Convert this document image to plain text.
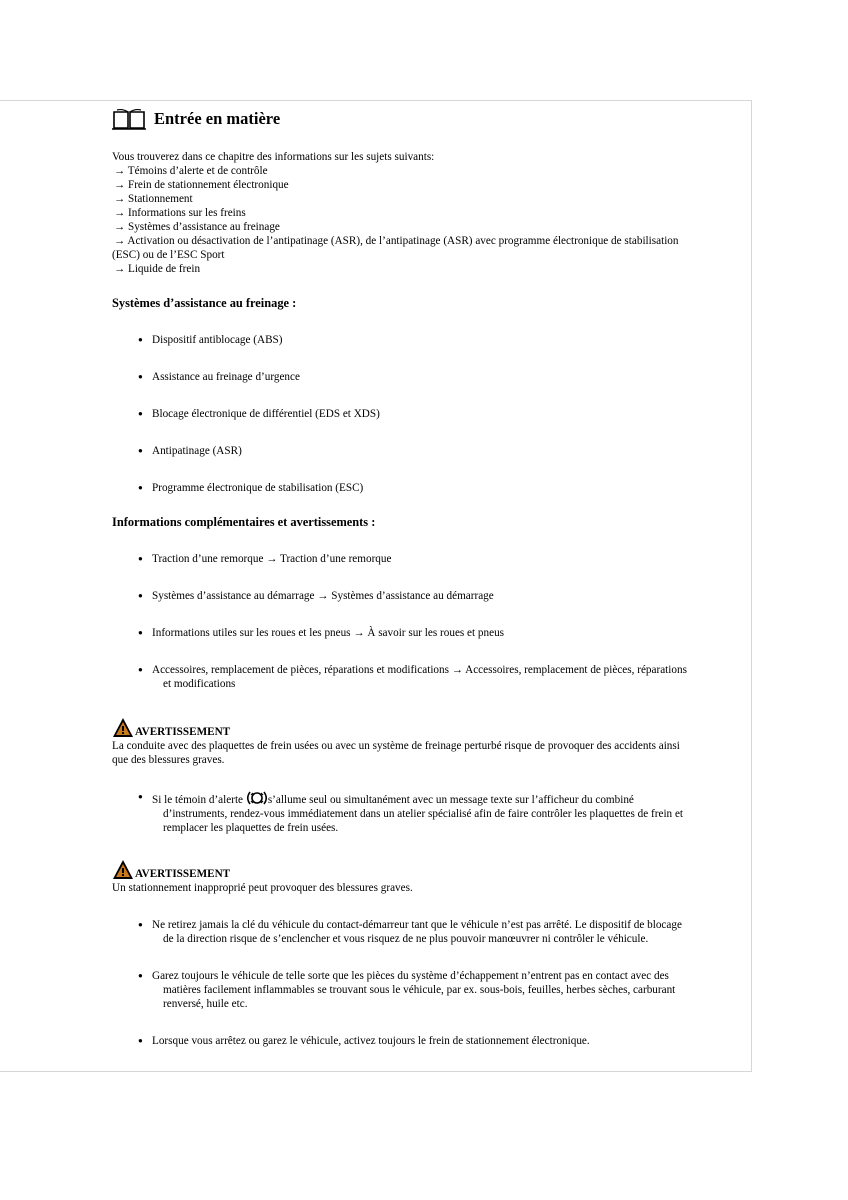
Entrée en matière
Vous trouverez dans ce chapitre des informations sur les sujets suivants:
→ Témoins d’alerte et de contrôle
→ Frein de stationnement électronique
→ Stationnement
→ Informations sur les freins
→ Systèmes d’assistance au freinage
→ Activation ou désactivation de l’antipatinage (ASR), de l’antipatinage (ASR) avec programme électronique de stabilisation
(ESC) ou de l’ESC Sport
→ Liquide de frein
Systèmes d’assistance au freinage :
● Dispositif antiblocage (ABS)
● Assistance au freinage d’urgence
● Blocage électronique de différentiel (EDS et XDS)
● Antipatinage (ASR)
● Programme électronique de stabilisation (ESC)
Informations complémentaires et avertissements :
● Traction d’une remorque → Traction d’une remorque
● Systèmes d’assistance au démarrage → Systèmes d’assistance au démarrage
● Informations utiles sur les roues et les pneus → À savoir sur les roues et pneus
● Accessoires, remplacement de pièces, réparations et modifications → Accessoires, remplacement de pièces, réparations
et modifications
AVERTISSEMENT
La conduite avec des plaquettes de frein usées ou avec un système de freinage perturbé risque de provoquer des accidents ainsi
que des blessures graves.
● Si le témoin d’alerte s’allume seul ou simultanément avec un message texte sur l’afficheur du combiné
d’instruments, rendez-vous immédiatement dans un atelier spécialisé afin de faire contrôler les plaquettes de frein et
remplacer les plaquettes de frein usées.
AVERTISSEMENT
Un stationnement inapproprié peut provoquer des blessures graves.
● Ne retirez jamais la clé du véhicule du contact-démarreur tant que le véhicule n’est pas arrêté. Le dispositif de blocage
de la direction risque de s’enclencher et vous risquez de ne plus pouvoir manœuvrer ni contrôler le véhicule.
● Garez toujours le véhicule de telle sorte que les pièces du système d’échappement n’entrent pas en contact avec des
matières facilement inflammables se trouvant sous le véhicule, par ex. sous-bois, feuilles, herbes sèches, carburant
renversé, huile etc.
● Lorsque vous arrêtez ou garez le véhicule, activez toujours le frein de stationnement électronique.
